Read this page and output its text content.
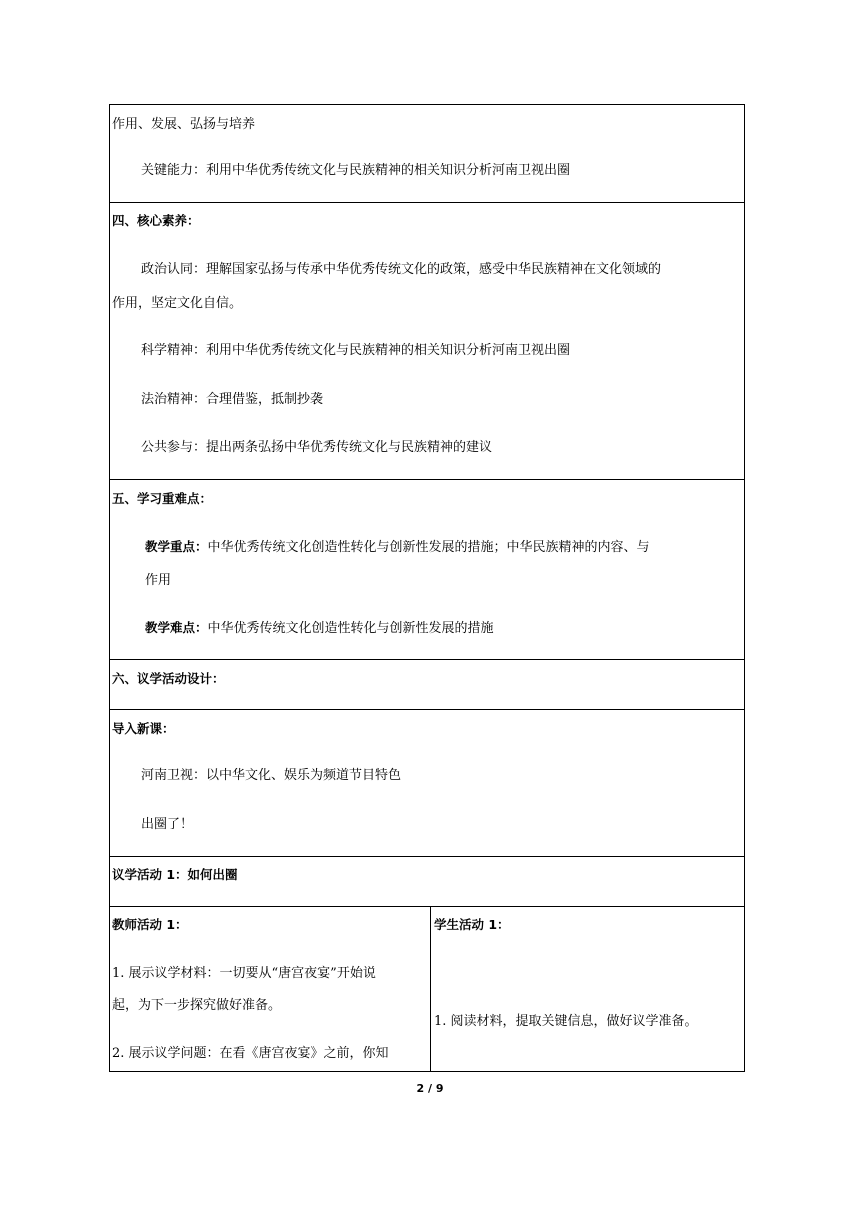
作用、发展、弘扬与培养
关键能力：利用中华优秀传统文化与民族精神的相关知识分析河南卫视出圈
四、核心素养：
政治认同：理解国家弘扬与传承中华优秀传统文化的政策，感受中华民族精神在文化领域的
作用，坚定文化自信。
科学精神：利用中华优秀传统文化与民族精神的相关知识分析河南卫视出圈
法治精神：合理借鉴，抵制抄袭
公共参与：提出两条弘扬中华优秀传统文化与民族精神的建议
五、学习重难点：
教学重点：中华优秀传统文化创造性转化与创新性发展的措施；中华民族精神的内容、与
作用
教学难点：中华优秀传统文化创造性转化与创新性发展的措施
六、议学活动设计：
导入新课：
河南卫视：以中华文化、娱乐为频道节目特色
出圈了！
议学活动 1：如何出圈
教师活动 1：
1. 展示议学材料：一切要从“唐宫夜宴”开始说
起，为下一步探究做好准备。
2. 展示议学问题：在看《唐宫夜宴》之前，你知
学生活动 1：
1. 阅读材料，提取关键信息，做好议学准备。
2 / 9
